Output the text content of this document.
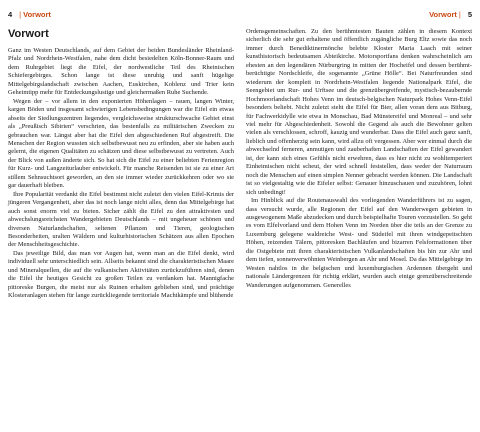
4 | Vorwort
Vorwort

Ganz im Westen Deutschlands, auf dem Gebiet der beiden Bundesländer Rheinland-Pfalz und Nordrhein-Westfalen, nahe dem dicht besiedelten Köln-Bonner-Raum und dem Ruhrgebiet liegt die Eifel, der nordwestliche Teil des Rheinischen Schiefergebirges. Schon lange ist diese unruhig und sanft hügelige Mittelgebirgslandschaft zwischen Aachen, Euskirchen, Koblenz und Trier kein Geheimtipp mehr für Entdeckungslustige und gleichermaßen Ruhe Suchende.

Wegen der – vor allem in den exponierten Höhenlagen – rauen, langen Winter, kargen Böden und insgesamt schwierigen Lebensbedingungen war die Eifel ein etwas abseits der Siedlungszentren liegendes, vergleichsweise strukturschwache Gebiet einst als „Preußisch Sibirien“ verschrien, das bestenfalls zu militärischen Zwecken zu gebrauchen war. Längst aber hat die Eifel den abgeschiedenen Ruf abgestreift. Die Menschen der Region wussten sich selbstbewusst neu zu erfinden, aber sie haben auch gelernt, die eigenen Qualitäten zu schätzen und diese selbstbewusst zu vertreten. Auch der Blick von außen änderte sich. So hat sich die Eifel zu einer beliebten Ferienregion für Kurz- und Langzeiturlauber entwickelt. Für manche Reisenden ist sie zu einer Art stillem Sehnsuchtsort geworden, an den sie immer wieder zurückkehren oder wo sie gar dauerhaft bleiben.

Ihre Popularität verdankt die Eifel bestimmt nicht zuletzt den vielen Eifel-Krimis der jüngeren Vergangenheit, aber das ist noch lange nicht alles, denn das Mittelgebirge hat auch sonst enorm viel zu bieten. Sicher zählt die Eifel zu den attraktivsten und abwechslungsreichsten Wandergebieten Deutschlands – mit ungeheuer schönen und diversen Naturlandschaften, seltenen Pflanzen und Tieren, geologischen Besonderheiten, uralten Wäldern und kulturhistorischen Schätzen aus allen Epochen der Menschheitsgeschichte.

Das jeweilige Bild, das man vor Augen hat, wenn man an die Eifel denkt, wird individuell sehr unterschiedlich sein. Allseits bekannt sind die charakteristischen Maare und Mineralquellen, die auf die vulkanischen Aktivitäten zurückzuführen sind, denen die Eifel ihr heutiges Gesicht zu großen Teilen zu verdanken hat. Mannigfache pittoreske Burgen, die meist nur als Ruinen erhalten geblieben sind, und prächtige Klosteranlagen stehen für lange zurückliegende territoriale Machtkämpfe und blühende

Vorwort | 5

Ordensgemeinschaften. Zu den berühmtesten Bauten zählen in diesem Kontext sicherlich die sehr gut erhaltene und öffentlich zugängliche Burg Eltz sowie das noch immer durch Benediktinermönche belebte Kloster Maria Laach mit seiner kunsthistorisch bedeutsamen Abteikirche. Motorsportfans denken wahrscheinlich am ehesten an den legendären Nürburgring in mitten der Hocheifel und dessen berühmt-berüchtigte Nordschleife, die sogenannte „Grüne Hölle“. Bei Naturfreunden sind wiederum der komplett in Nordrhein-Westfalen liegende Nationalpark Eifel, die Seengebiet um Rur- und Urftsee und die grenzübergreifende, mystisch-bezaubernde Hochmoorlandschaft Hohes Venn im deutsch-belgischen Naturpark Hohes Venn-Eifel besonders beliebt. Nicht zuletzt steht die Eifel für Bier, allen voran dem aus Bitburg, für Fachwerkidylle wie etwa in Monschau, Bad Münstereifel und Monreal – und sehr viel mehr für Abgeschiedenheit. Sowohl die Gegend als auch die Bewohner gelten vielen als verschlossen, schroff, kauzig und wunderbar. Dass die Eifel auch ganz sanft, lieblich und offenherzig sein kann, wird allzu oft vergessen. Aber wer einmal durch die abwechselnd ferneren, anmutigen und zauberhaften Landschaften der Eifel gewandert ist, der kann sich eines Gefühls nicht erwehren, dass es hier nicht zu wohltemperiert Einheimischen nicht scheut, der wird schnell feststellen, dass weder der Naturraum noch die Menschen auf einen simplen Nenner gebracht werden können. Die Landschaft ist so vielgestaltig wie die Eifeler selbst: Genauer hinzuschauen und zuzuhören, lohnt sich unbedingt!

Im Hinblick auf die Routenauswahl des vorliegenden Wanderführers ist zu sagen, dass versucht wurde, alle Regionen der Eifel auf den Wanderwegen gebieten in ausgewogenem Maße abzudecken und durch beispielhafte Touren vorzustellen. So geht es vom Elfelvorland und dem Hohen Venn im Norden über die teils an der Grenze zu Luxemburg gelegene waldreiche West- und Südeifel mit ihren windgepeitschten Höhen, reizenden Tälern, pittoresken Bachläufen und bizarren Felsformationen über die Ostgebiete mit ihren charakteristischen Vulkanlandschaften bis hin zur Ahr und dem tiefen, sonnenverwöhnten Weinbergen an Ahr und Mosel. Da das Mittelgebirge im Westen nahtlos in die belgischen und luxemburgischen Ardennen übergeht und nationale Ländergrenzen für richtig erklärt, wurden auch einige grenzüberschreitende Wanderungen aufgenommen. Generelles
